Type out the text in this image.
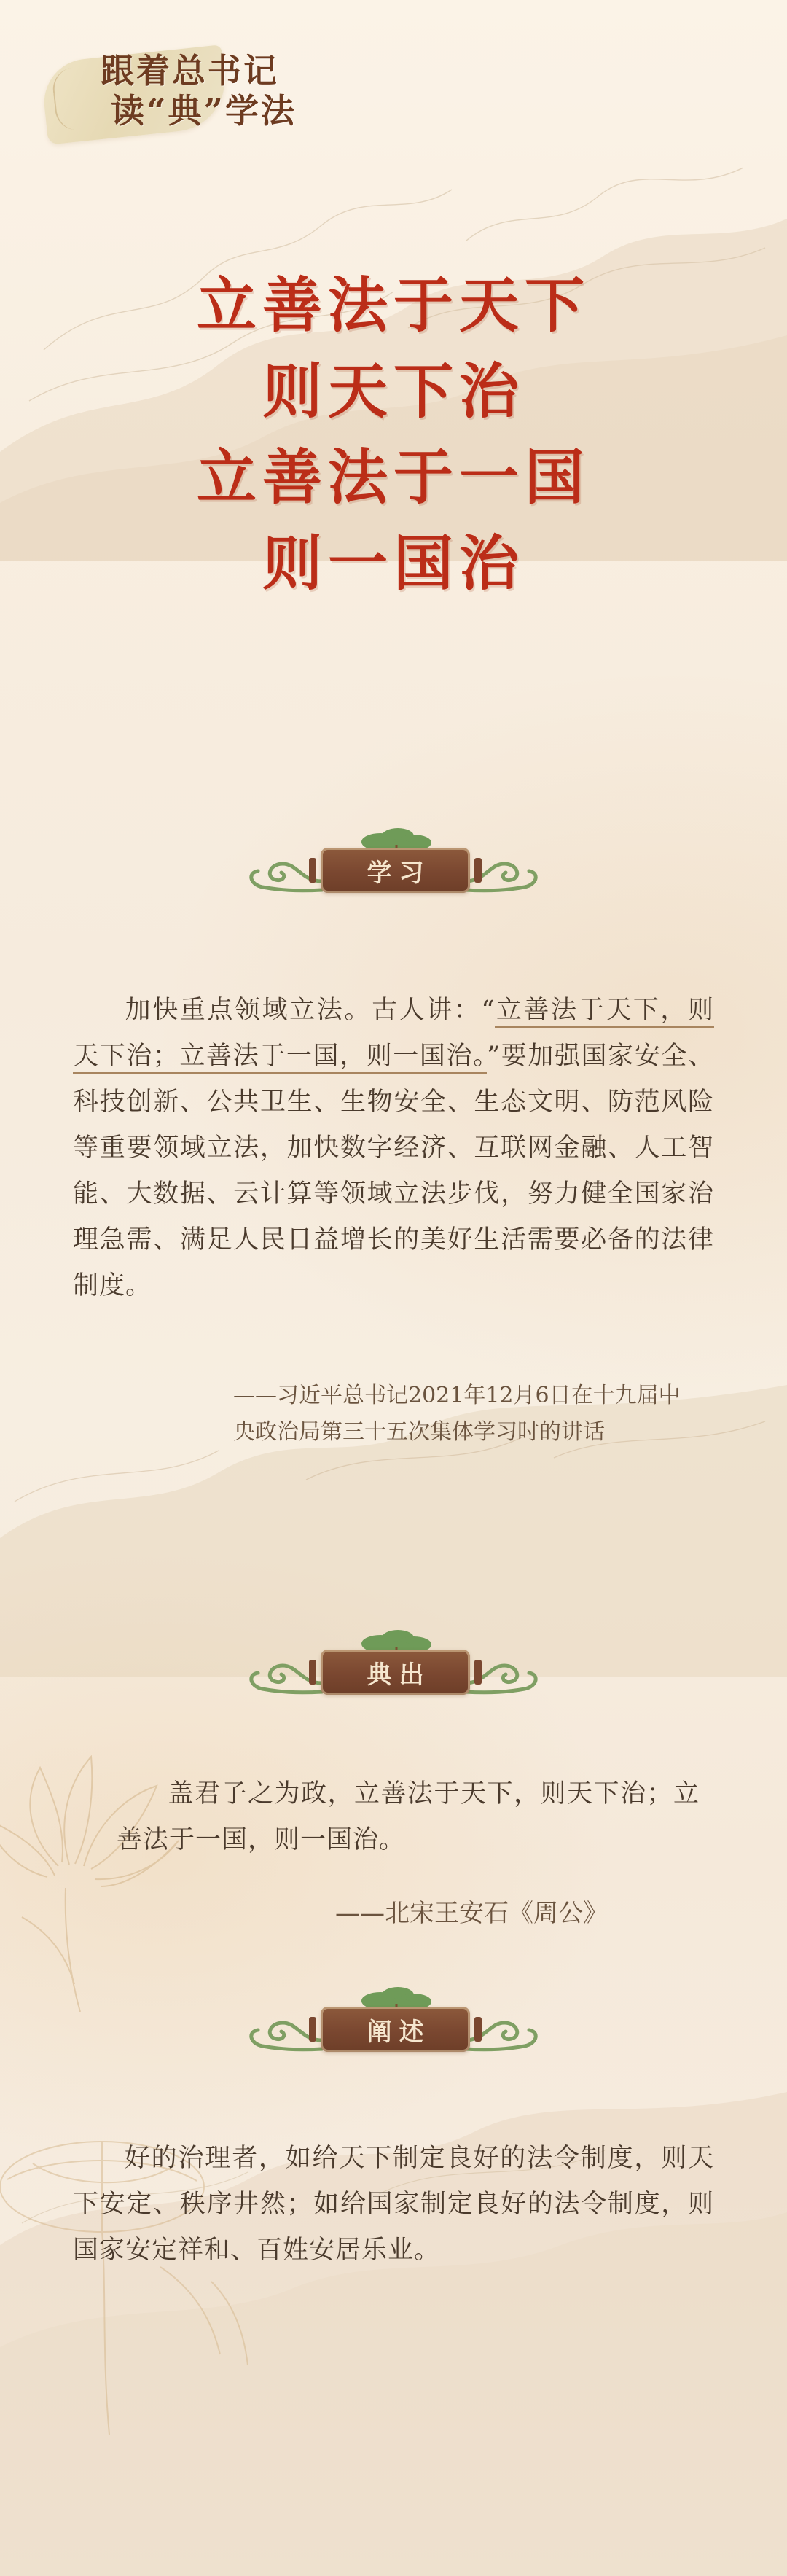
跟着总书记
读“典”学法
立善法于天下
则天下治
立善法于一国
则一国治
学习
加快重点领域立法。古人讲：“立善法于天下，则天下治；立善法于一国，则一国治。”要加强国家安全、科技创新、公共卫生、生物安全、生态文明、防范风险等重要领域立法，加快数字经济、互联网金融、人工智能、大数据、云计算等领域立法步伐，努力健全国家治理急需、满足人民日益增长的美好生活需要必备的法律制度。
——习近平总书记2021年12月6日在十九届中央政治局第三十五次集体学习时的讲话
典出
盖君子之为政，立善法于天下，则天下治；立善法于一国，则一国治。
——北宋王安石《周公》
阐述
好的治理者，如给天下制定良好的法令制度，则天下安定、秩序井然；如给国家制定良好的法令制度，则国家安定祥和、百姓安居乐业。
